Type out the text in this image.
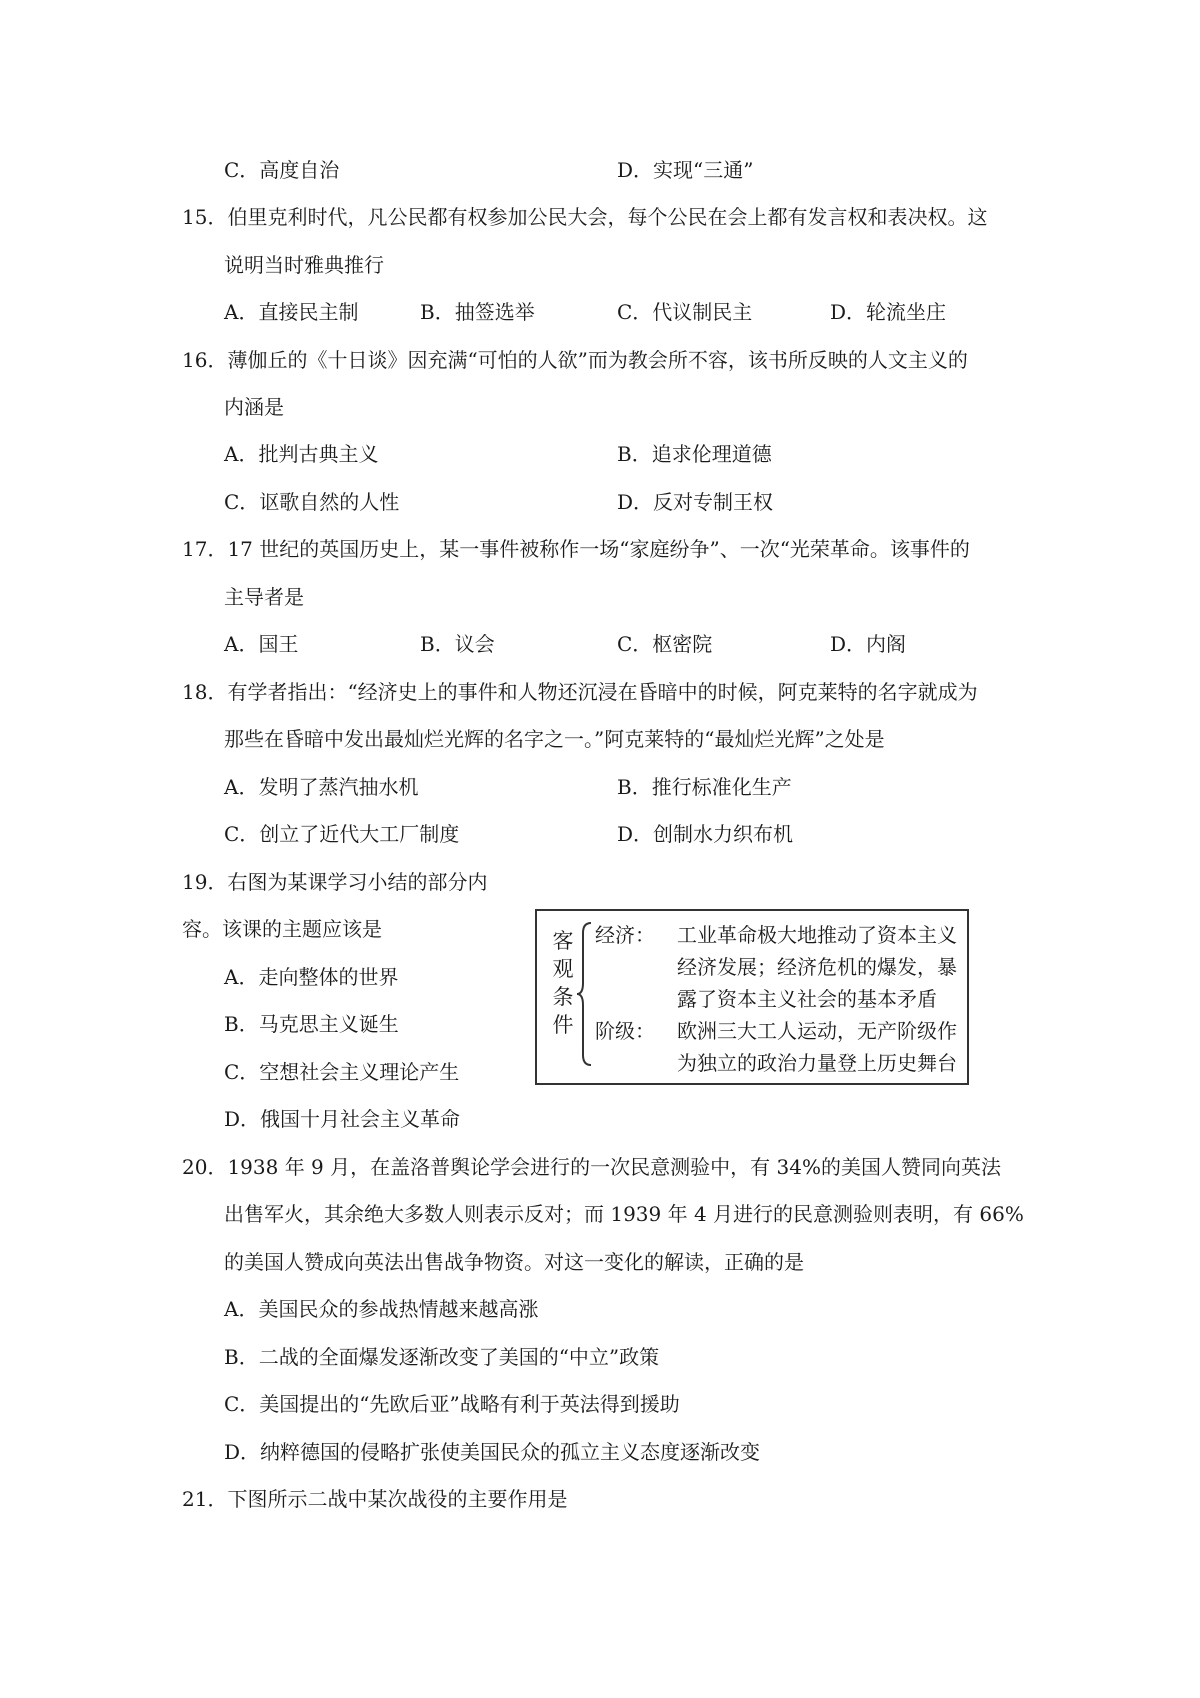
C．高度自治	D．实现“三通”
15．伯里克利时代，凡公民都有权参加公民大会，每个公民在会上都有发言权和表决权。这
说明当时雅典推行
A．直接民主制	B．抽签选举	C．代议制民主	D．轮流坐庄
16．薄伽丘的《十日谈》因充满“可怕的人欲”而为教会所不容，该书所反映的人文主义的
内涵是
A．批判古典主义	B．追求伦理道德
C．讴歌自然的人性	D．反对专制王权
17．17 世纪的英国历史上，某一事件被称作一场“家庭纷争”、一次“光荣革命。该事件的
主导者是
A．国王	B．议会	C．枢密院	D．内阁
18．有学者指出：“经济史上的事件和人物还沉浸在昏暗中的时候，阿克莱特的名字就成为
那些在昏暗中发出最灿烂光辉的名字之一。”阿克莱特的“最灿烂光辉”之处是
A．发明了蒸汽抽水机	B．推行标准化生产
C．创立了近代大工厂制度	D．创制水力织布机
19．右图为某课学习小结的部分内
容。该课的主题应该是
A．走向整体的世界
B．马克思主义诞生
C．空想社会主义理论产生
D．俄国十月社会主义革命
客观条件
经济： 工业革命极大地推动了资本主义
经济发展；经济危机的爆发，暴
露了资本主义社会的基本矛盾
阶级： 欧洲三大工人运动，无产阶级作
为独立的政治力量登上历史舞台
20．1938 年 9 月，在盖洛普舆论学会进行的一次民意测验中，有 34%的美国人赞同向英法
出售军火，其余绝大多数人则表示反对；而 1939 年 4 月进行的民意测验则表明，有 66%
的美国人赞成向英法出售战争物资。对这一变化的解读，正确的是
A．美国民众的参战热情越来越高涨
B．二战的全面爆发逐渐改变了美国的“中立”政策
C．美国提出的“先欧后亚”战略有利于英法得到援助
D．纳粹德国的侵略扩张使美国民众的孤立主义态度逐渐改变
21．下图所示二战中某次战役的主要作用是
